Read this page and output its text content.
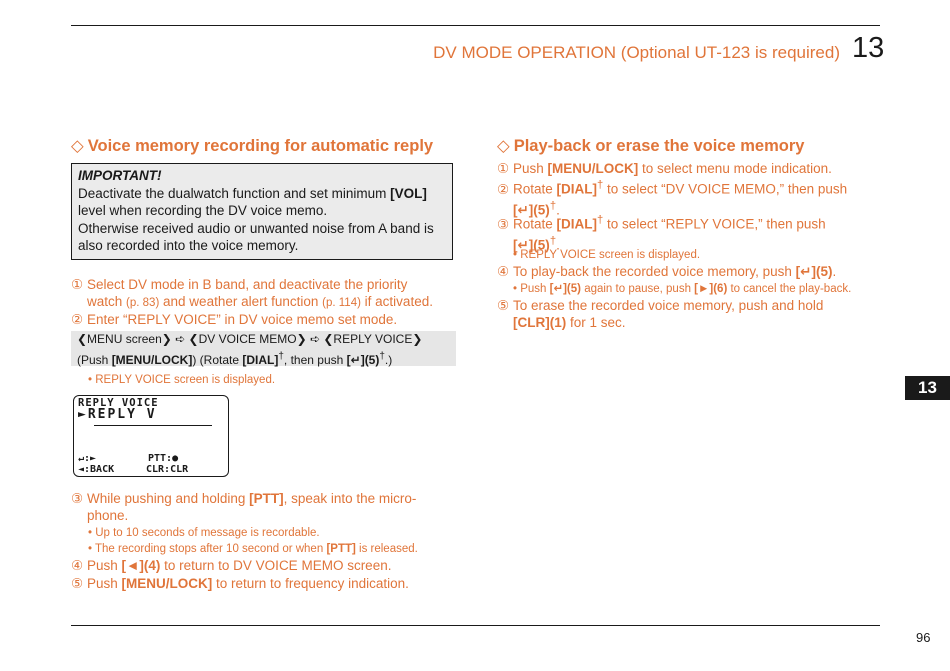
DV MODE OPERATION (Optional UT-123 is required) 13
◇ Voice memory recording for automatic reply
IMPORTANT!
Deactivate the dualwatch function and set minimum [VOL]
level when recording the DV voice memo.
Otherwise received audio or unwanted noise from A band is
also recorded into the voice memory.
① Select DV mode in B band, and deactivate the priority
watch (p. 83) and weather alert function (p. 114) if activated.
② Enter “REPLY VOICE” in DV voice memo set mode.
❮MENU screen❯ ➪ ❮DV VOICE MEMO❯ ➪ ❮REPLY VOICE❯
(Push [MENU/LOCK]) (Rotate [DIAL]†, then push [↵](5)†.)
• REPLY VOICE screen is displayed.
REPLY VOICE
►REPLY V
↵:►	PTT:●
◄:BACK	CLR:CLR
③ While pushing and holding [PTT], speak into the micro-
phone.
• Up to 10 seconds of message is recordable.
• The recording stops after 10 second or when [PTT] is released.
④ Push [◄](4) to return to DV VOICE MEMO screen.
⑤ Push [MENU/LOCK] to return to frequency indication.
◇ Play-back or erase the voice memory
① Push [MENU/LOCK] to select menu mode indication.
② Rotate [DIAL]† to select “DV VOICE MEMO,” then push
[↵](5)†.
③ Rotate [DIAL]† to select “REPLY VOICE,” then push
[↵](5)†.
• REPLY VOICE screen is displayed.
④ To play-back the recorded voice memory, push [↵](5).
• Push [↵](5) again to pause, push [►](6) to cancel the play-back.
⑤ To erase the recorded voice memory, push and hold
[CLR](1) for 1 sec.
13
96
